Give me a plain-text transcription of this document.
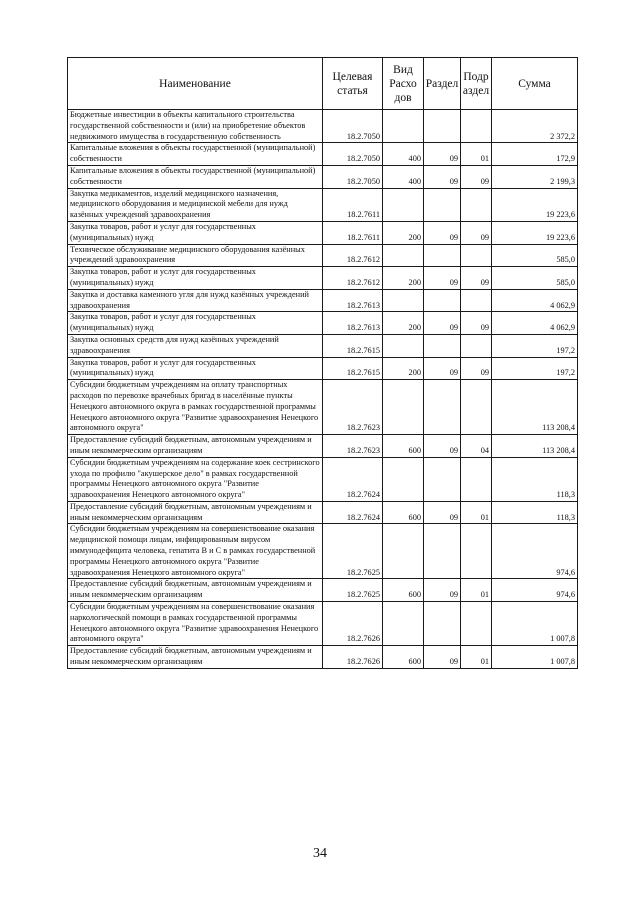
Наименование	Целевая статья	Вид Расхо дов	Раздел	Подр аздел	Сумма
Бюджетные инвестиции в объекты капитального строительства государственной собственности и (или) на приобретение объектов недвижимого имущества в государственную собственность	18.2.7050				2 372,2
Капитальные вложения в объекты государственной (муниципальной) собственности	18.2.7050	400	09	01	172,9
Капитальные вложения в объекты государственной (муниципальной) собственности	18.2.7050	400	09	09	2 199,3
Закупка медикаментов, изделий медицинского назначения, медицинского оборудования и медицинской мебели для нужд казённых учреждений здравоохранения	18.2.7611				19 223,6
Закупка товаров, работ и услуг для государственных (муниципальных) нужд	18.2.7611	200	09	09	19 223,6
Техническое обслуживание медицинского оборудования казённых учреждений здравоохранения	18.2.7612				585,0
Закупка товаров, работ и услуг для государственных (муниципальных) нужд	18.2.7612	200	09	09	585,0
Закупка и доставка каменного угля для нужд казённых учреждений здравоохранения	18.2.7613				4 062,9
Закупка товаров, работ и услуг для государственных (муниципальных) нужд	18.2.7613	200	09	09	4 062,9
Закупка основных средств для нужд казённых учреждений здравоохранения	18.2.7615				197,2
Закупка товаров, работ и услуг для государственных (муниципальных) нужд	18.2.7615	200	09	09	197,2
Субсидии бюджетным учреждениям на оплату транспортных расходов по перевозке врачебных бригад в населённые пункты Ненецкого автономного округа в рамках государственной программы Ненецкого автономного округа "Развитие здравоохранения Ненецкого автономного округа"	18.2.7623				113 208,4
Предоставление субсидий бюджетным, автономным учреждениям и иным некоммерческим организациям	18.2.7623	600	09	04	113 208,4
Субсидии бюджетным учреждениям на содержание коек сестринского ухода по профилю "акушерское дело" в рамках государственной программы Ненецкого автономного округа "Развитие здравоохранения Ненецкого автономного округа"	18.2.7624				118,3
Предоставление субсидий бюджетным, автономным учреждениям и иным некоммерческим организациям	18.2.7624	600	09	01	118,3
Субсидии бюджетным учреждениям на совершенствование оказания медицинской помощи лицам, инфицированным вирусом иммунодефицита человека, гепатита В и С в рамках государственной программы Ненецкого автономного округа "Развитие здравоохранения Ненецкого автономного округа"	18.2.7625				974,6
Предоставление субсидий бюджетным, автономным учреждениям и иным некоммерческим организациям	18.2.7625	600	09	01	974,6
Субсидии бюджетным учреждениям на совершенствование оказания наркологической помощи в рамках государственной программы Ненецкого автономного округа "Развитие здравоохранения Ненецкого автономного округа"	18.2.7626				1 007,8
Предоставление субсидий бюджетным, автономным учреждениям и иным некоммерческим организациям	18.2.7626	600	09	01	1 007,8
34
